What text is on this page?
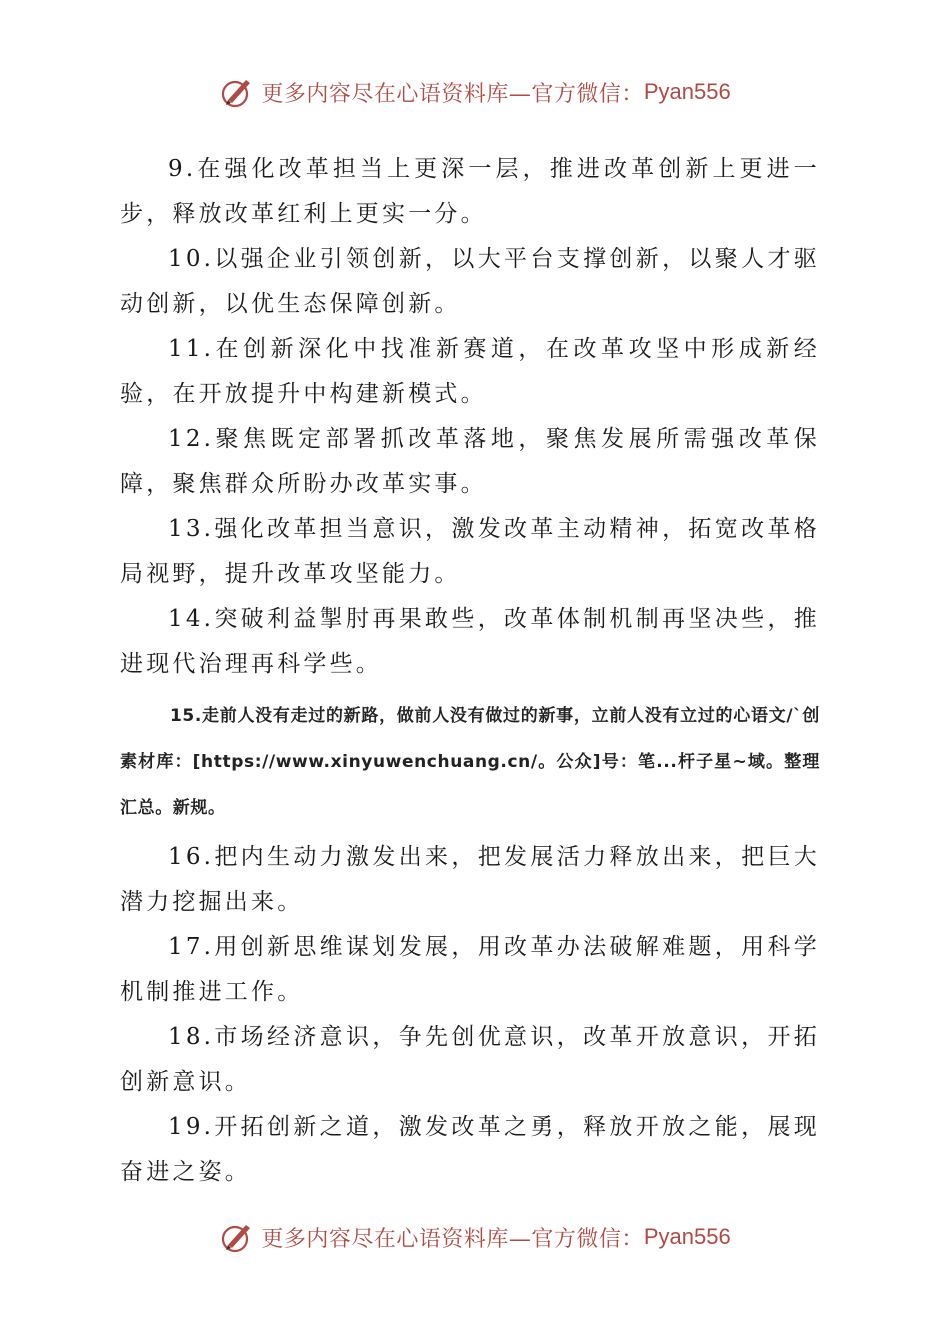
更多内容尽在心语资料库—官方微信： Pyan556

9.在强化改革担当上更深一层，推进改革创新上更进一步，释放改革红利上更实一分。

10.以强企业引领创新，以大平台支撑创新，以聚人才驱动创新，以优生态保障创新。

11.在创新深化中找准新赛道，在改革攻坚中形成新经验，在开放提升中构建新模式。

12.聚焦既定部署抓改革落地，聚焦发展所需强改革保障，聚焦群众所盼办改革实事。

13.强化改革担当意识，激发改革主动精神，拓宽改革格局视野，提升改革攻坚能力。

14.突破利益掣肘再果敢些，改革体制机制再坚决些，推进现代治理再科学些。

15.走前人没有走过的新路，做前人没有做过的新事，立前人没有立过的心语文/`创素材库：[https://www.xinyuwenchuang.cn/。公众]号：笔...杆子星~域。整理汇总。新规。

16.把内生动力激发出来，把发展活力释放出来，把巨大潜力挖掘出来。

17.用创新思维谋划发展，用改革办法破解难题，用科学机制推进工作。

18.市场经济意识，争先创优意识，改革开放意识，开拓创新意识。

19.开拓创新之道，激发改革之勇，释放开放之能，展现奋进之姿。

更多内容尽在心语资料库—官方微信： Pyan556
